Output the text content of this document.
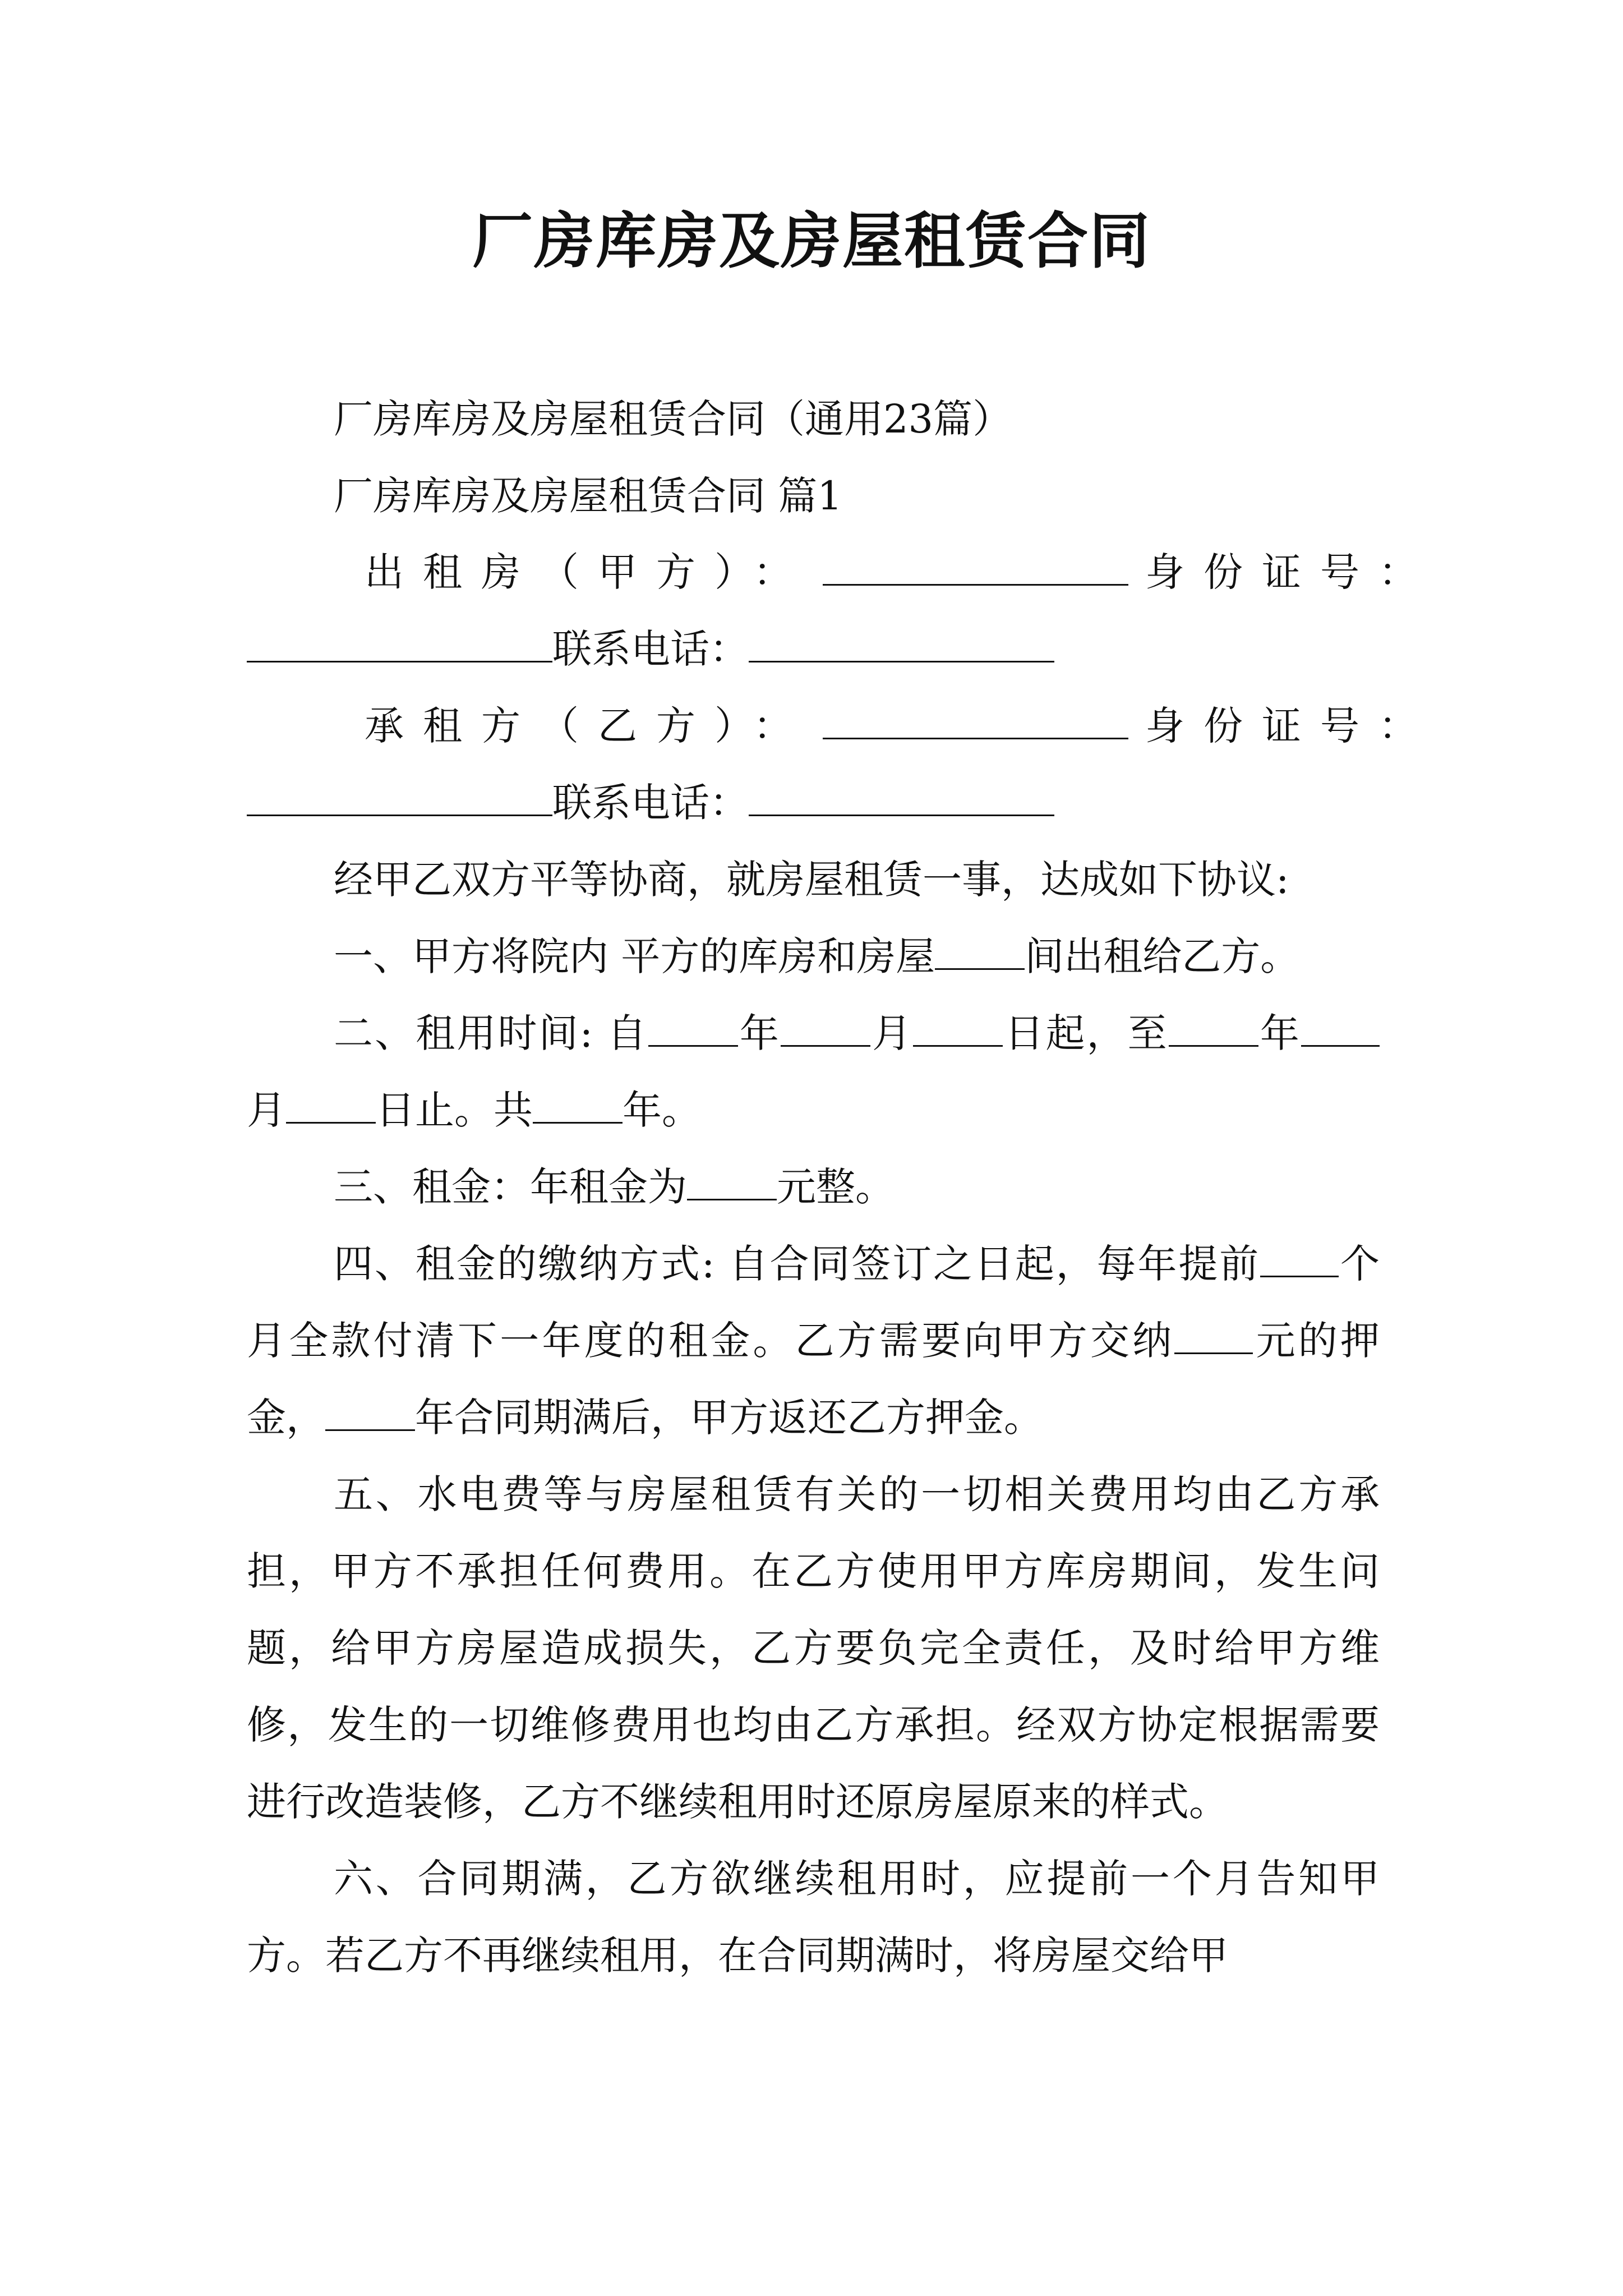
厂房库房及房屋租赁合同
厂房库房及房屋租赁合同（通用23篇）
厂房库房及房屋租赁合同 篇1
出租房（甲方）：	身份证号：
联系电话：
承租方（乙方）：	身份证号：
联系电话：

经甲乙双方平等协商，就房屋租赁一事，达成如下协议:

一、甲方将院内 平方的库房和房屋 间出租给乙方。

二、租用时间: 自 年 月 日起，至 年月 日止。共 年。

三、租金：年租金为 元整。

四、租金的缴纳方式: 自合同签订之日起，每年提前 个月全款付清下一年度的租金。乙方需要向甲方交纳 元的押金， 年合同期满后，甲方返还乙方押金。

五、水电费等与房屋租赁有关的一切相关费用均由乙方承担，甲方不承担任何费用。在乙方使用甲方库房期间，发生问题，给甲方房屋造成损失，乙方要负完全责任，及时给甲方维修，发生的一切维修费用也均由乙方承担。经双方协定根据需要进行改造装修，乙方不继续租用时还原房屋原来的样式。

六、合同期满，乙方欲继续租用时，应提前一个月告知甲方。若乙方不再继续租用，在合同期满时，将房屋交给甲
